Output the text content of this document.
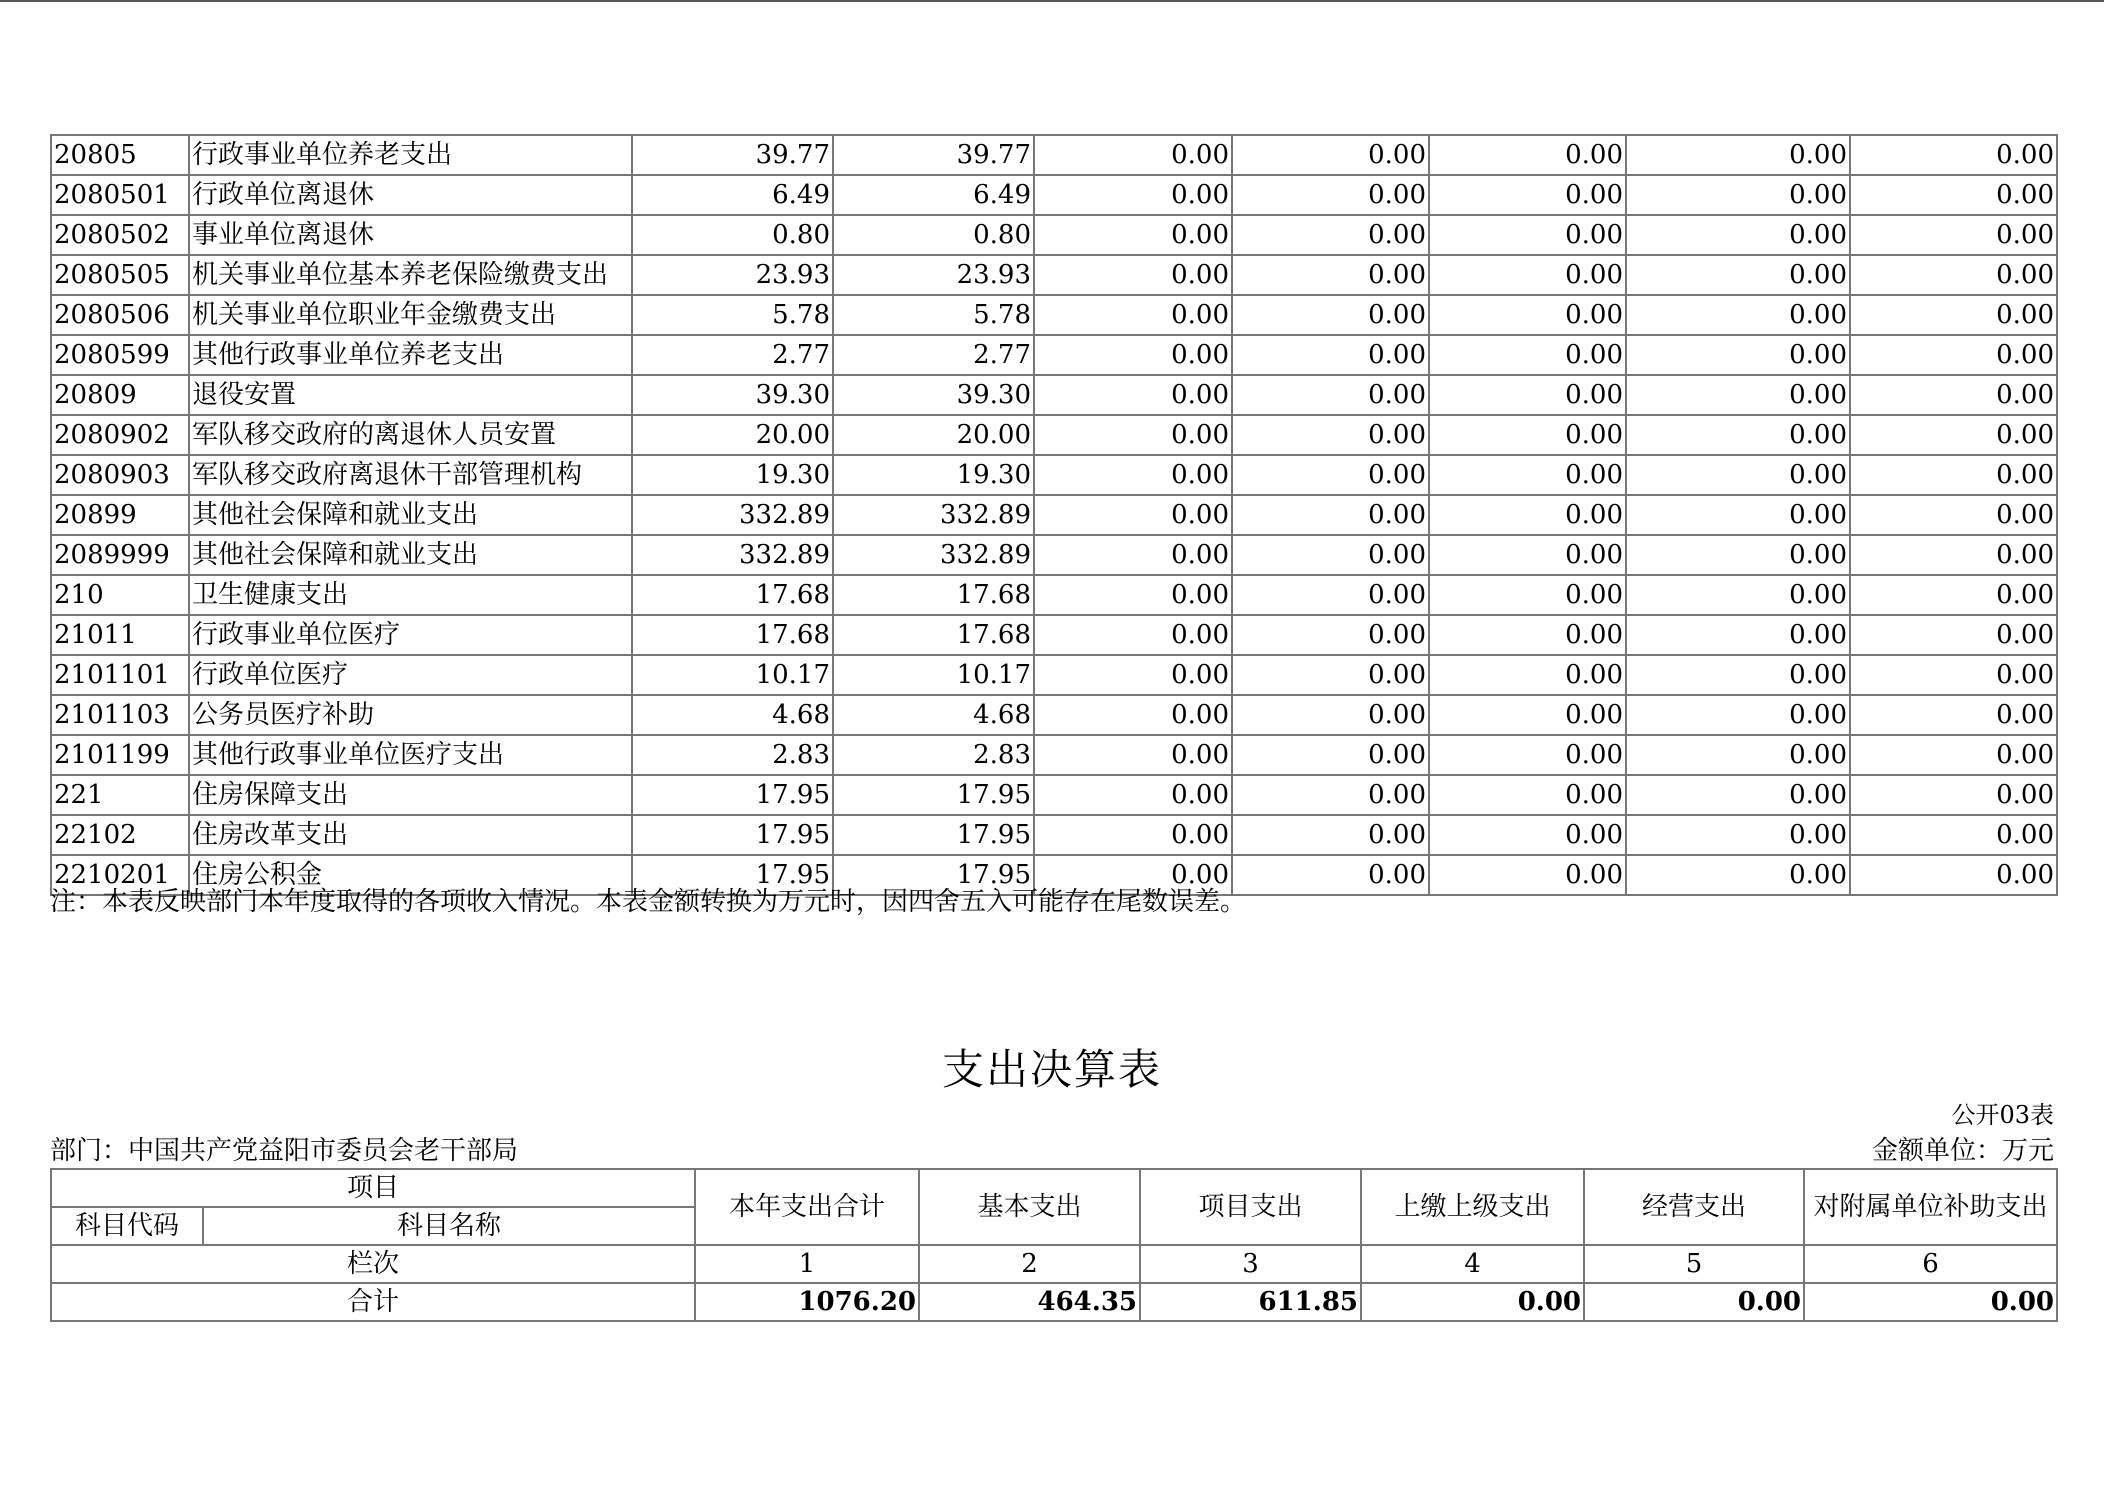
20805	行政事业单位养老支出	39.77	39.77	0.00	0.00	0.00	0.00	0.00
2080501	行政单位离退休	6.49	6.49	0.00	0.00	0.00	0.00	0.00
2080502	事业单位离退休	0.80	0.80	0.00	0.00	0.00	0.00	0.00
2080505	机关事业单位基本养老保险缴费支出	23.93	23.93	0.00	0.00	0.00	0.00	0.00
2080506	机关事业单位职业年金缴费支出	5.78	5.78	0.00	0.00	0.00	0.00	0.00
2080599	其他行政事业单位养老支出	2.77	2.77	0.00	0.00	0.00	0.00	0.00
20809	退役安置	39.30	39.30	0.00	0.00	0.00	0.00	0.00
2080902	军队移交政府的离退休人员安置	20.00	20.00	0.00	0.00	0.00	0.00	0.00
2080903	军队移交政府离退休干部管理机构	19.30	19.30	0.00	0.00	0.00	0.00	0.00
20899	其他社会保障和就业支出	332.89	332.89	0.00	0.00	0.00	0.00	0.00
2089999	其他社会保障和就业支出	332.89	332.89	0.00	0.00	0.00	0.00	0.00
210	卫生健康支出	17.68	17.68	0.00	0.00	0.00	0.00	0.00
21011	行政事业单位医疗	17.68	17.68	0.00	0.00	0.00	0.00	0.00
2101101	行政单位医疗	10.17	10.17	0.00	0.00	0.00	0.00	0.00
2101103	公务员医疗补助	4.68	4.68	0.00	0.00	0.00	0.00	0.00
2101199	其他行政事业单位医疗支出	2.83	2.83	0.00	0.00	0.00	0.00	0.00
221	住房保障支出	17.95	17.95	0.00	0.00	0.00	0.00	0.00
22102	住房改革支出	17.95	17.95	0.00	0.00	0.00	0.00	0.00
2210201	住房公积金	17.95	17.95	0.00	0.00	0.00	0.00	0.00
注：本表反映部门本年度取得的各项收入情况。本表金额转换为万元时，因四舍五入可能存在尾数误差。
支出决算表
公开03表
部门：中国共产党益阳市委员会老干部局	金额单位：万元
项目		本年支出合计	基本支出	项目支出	上缴上级支出	经营支出	对附属单位补助支出
科目代码	科目名称						
栏次		1	2	3	4	5	6
合计		1076.20	464.35	611.85	0.00	0.00	0.00
